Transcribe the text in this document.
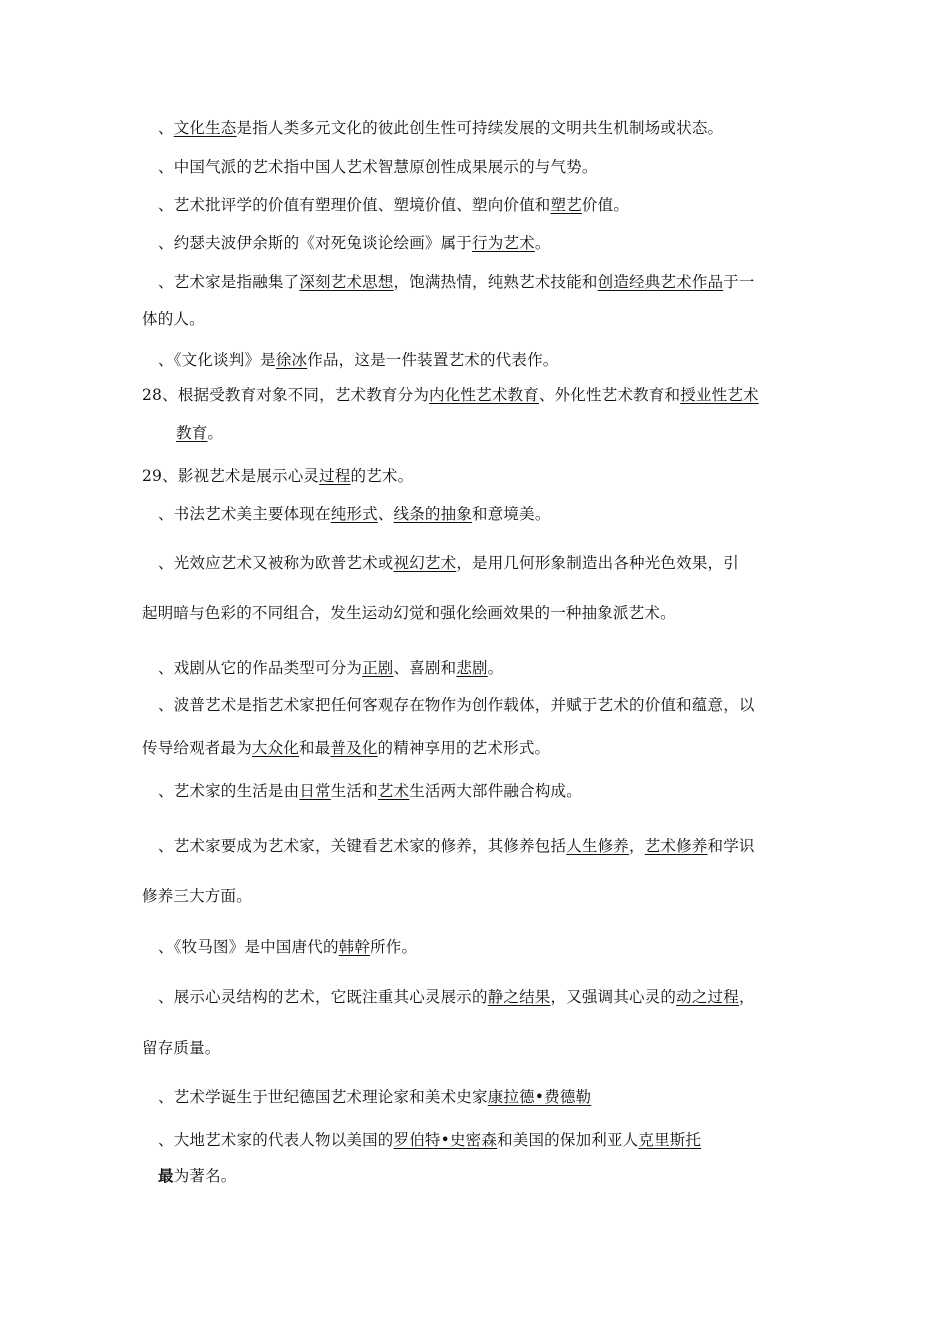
、文化生态是指人类多元文化的彼此创生性可持续发展的文明共生机制场或状态。
、中国气派的艺术指中国人艺术智慧原创性成果展示的与气势。
、艺术批评学的价值有塑理价值、塑境价值、塑向价值和塑艺价值。
、约瑟夫波伊余斯的《对死兔谈论绘画》属于行为艺术。
、艺术家是指融集了深刻艺术思想，饱满热情，纯熟艺术技能和创造经典艺术作品于一
体的人。
、《文化谈判》是徐冰作品，这是一件装置艺术的代表作。
28、根据受教育对象不同，艺术教育分为内化性艺术教育、外化性艺术教育和授业性艺术
教育。
29、影视艺术是展示心灵过程的艺术。
、书法艺术美主要体现在纯形式、线条的抽象和意境美。
、光效应艺术又被称为欧普艺术或视幻艺术，是用几何形象制造出各种光色效果，引
起明暗与色彩的不同组合，发生运动幻觉和强化绘画效果的一种抽象派艺术。
、戏剧从它的作品类型可分为正剧、喜剧和悲剧。
、波普艺术是指艺术家把任何客观存在物作为创作载体，并赋于艺术的价值和蕴意，以
传导给观者最为大众化和最普及化的精神享用的艺术形式。
、艺术家的生活是由日常生活和艺术生活两大部件融合构成。
、艺术家要成为艺术家，关键看艺术家的修养，其修养包括人生修养，艺术修养和学识
修养三大方面。
、《牧马图》是中国唐代的韩幹所作。
、展示心灵结构的艺术，它既注重其心灵展示的静之结果，又强调其心灵的动之过程，
留存质量。
、艺术学诞生于世纪德国艺术理论家和美术史家康拉德•费德勒
、大地艺术家的代表人物以美国的罗伯特•史密森和美国的保加利亚人克里斯托
最为著名。
